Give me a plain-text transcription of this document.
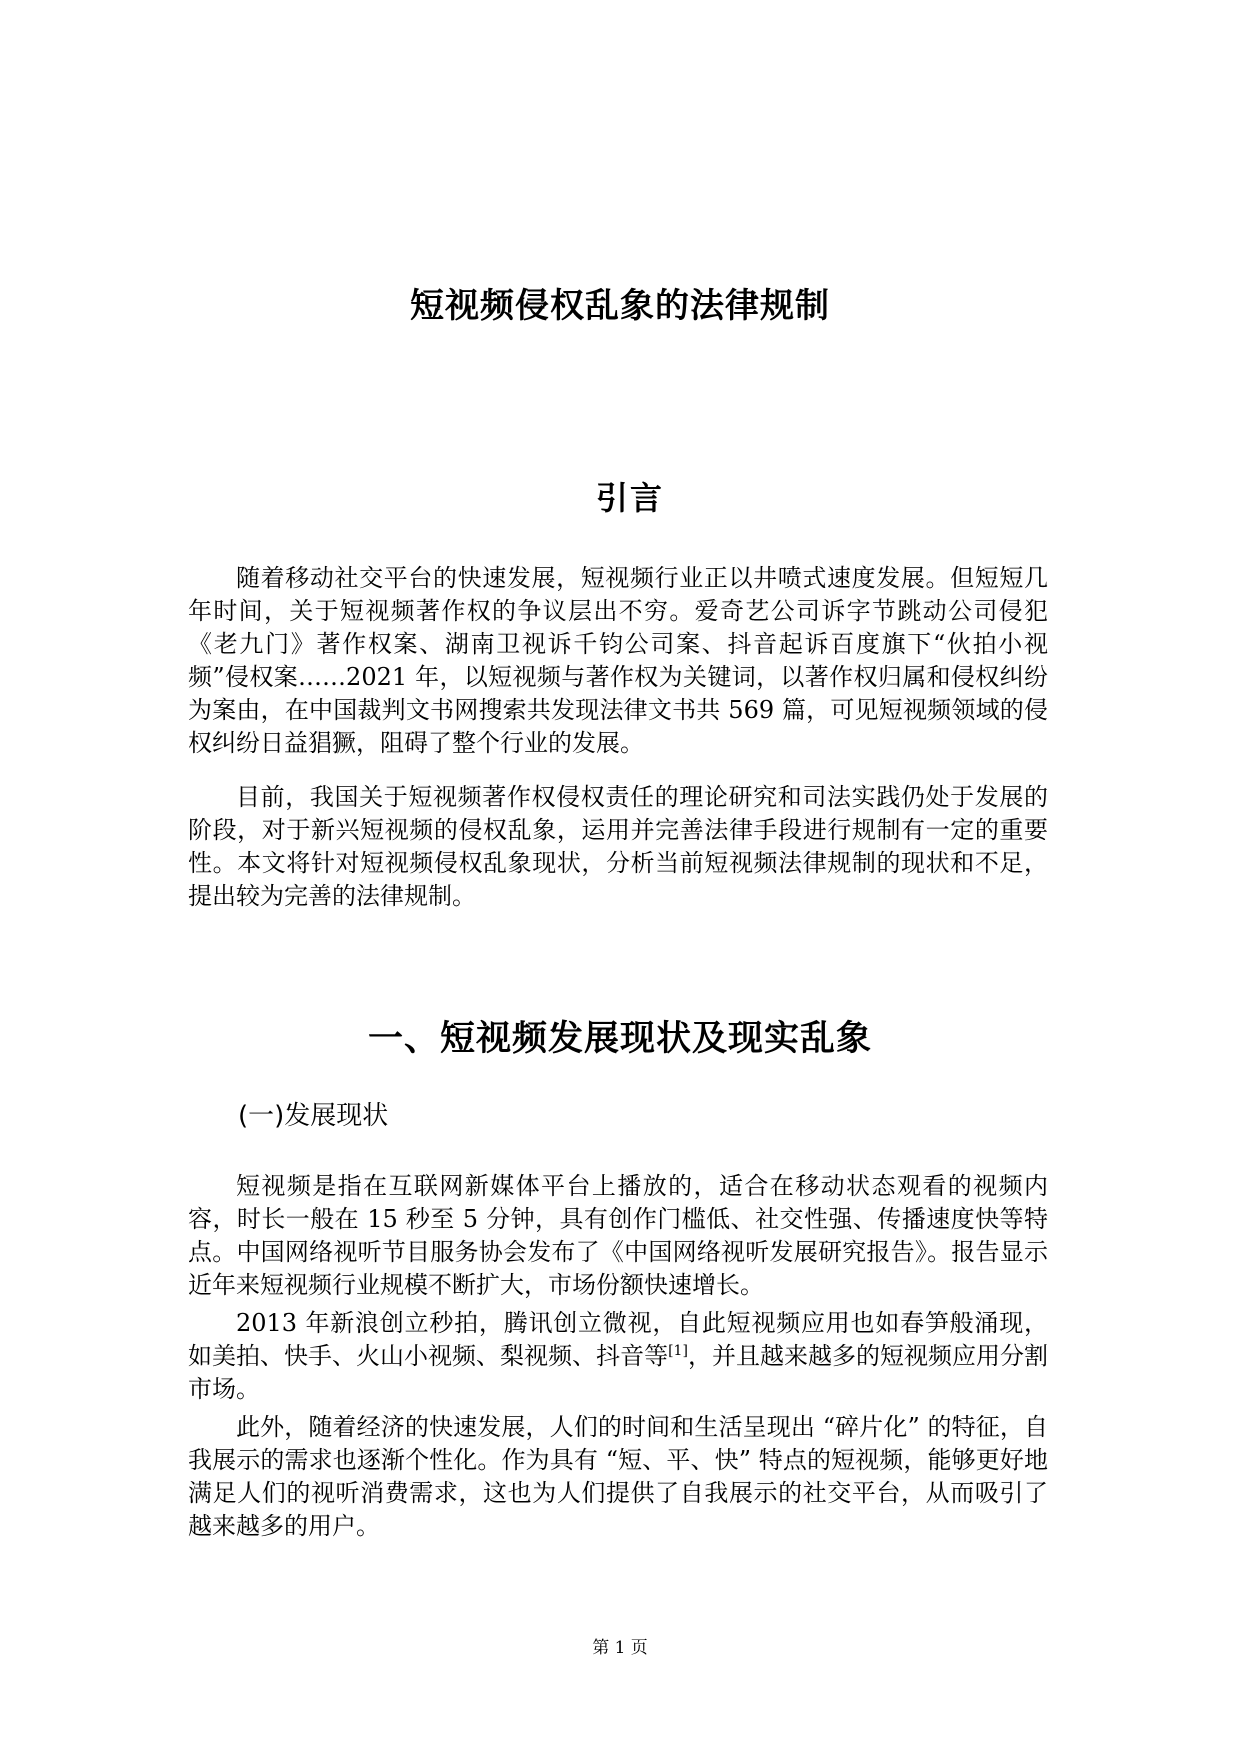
短视频侵权乱象的法律规制
引言

随着移动社交平台的快速发展，短视频行业正以井喷式速度发展。但短短几年时间，关于短视频著作权的争议层出不穷。爱奇艺公司诉字节跳动公司侵犯《老九门》著作权案、湖南卫视诉千钧公司案、抖音起诉百度旗下“伙拍小视频”侵权案……2021 年，以短视频与著作权为关键词，以著作权归属和侵权纠纷为案由，在中国裁判文书网搜索共发现法律文书共 569 篇，可见短视频领域的侵权纠纷日益猖獗，阻碍了整个行业的发展。

目前，我国关于短视频著作权侵权责任的理论研究和司法实践仍处于发展的阶段，对于新兴短视频的侵权乱象，运用并完善法律手段进行规制有一定的重要性。本文将针对短视频侵权乱象现状，分析当前短视频法律规制的现状和不足，提出较为完善的法律规制。

一、短视频发展现状及现实乱象
(一)发展现状

短视频是指在互联网新媒体平台上播放的，适合在移动状态观看的视频内容，时长一般在 15 秒至 5 分钟，具有创作门槛低、社交性强、传播速度快等特点。中国网络视听节目服务协会发布了《中国网络视听发展研究报告》。报告显示近年来短视频行业规模不断扩大，市场份额快速增长。

2013 年新浪创立秒拍，腾讯创立微视，自此短视频应用也如春笋般涌现，如美拍、快手、火山小视频、梨视频、抖音等[1]，并且越来越多的短视频应用分割市场。

此外，随着经济的快速发展，人们的时间和生活呈现出 “碎片化” 的特征，自我展示的需求也逐渐个性化。作为具有 “短、平、快” 特点的短视频，能够更好地满足人们的视听消费需求，这也为人们提供了自我展示的社交平台，从而吸引了越来越多的用户。

第 1 页
